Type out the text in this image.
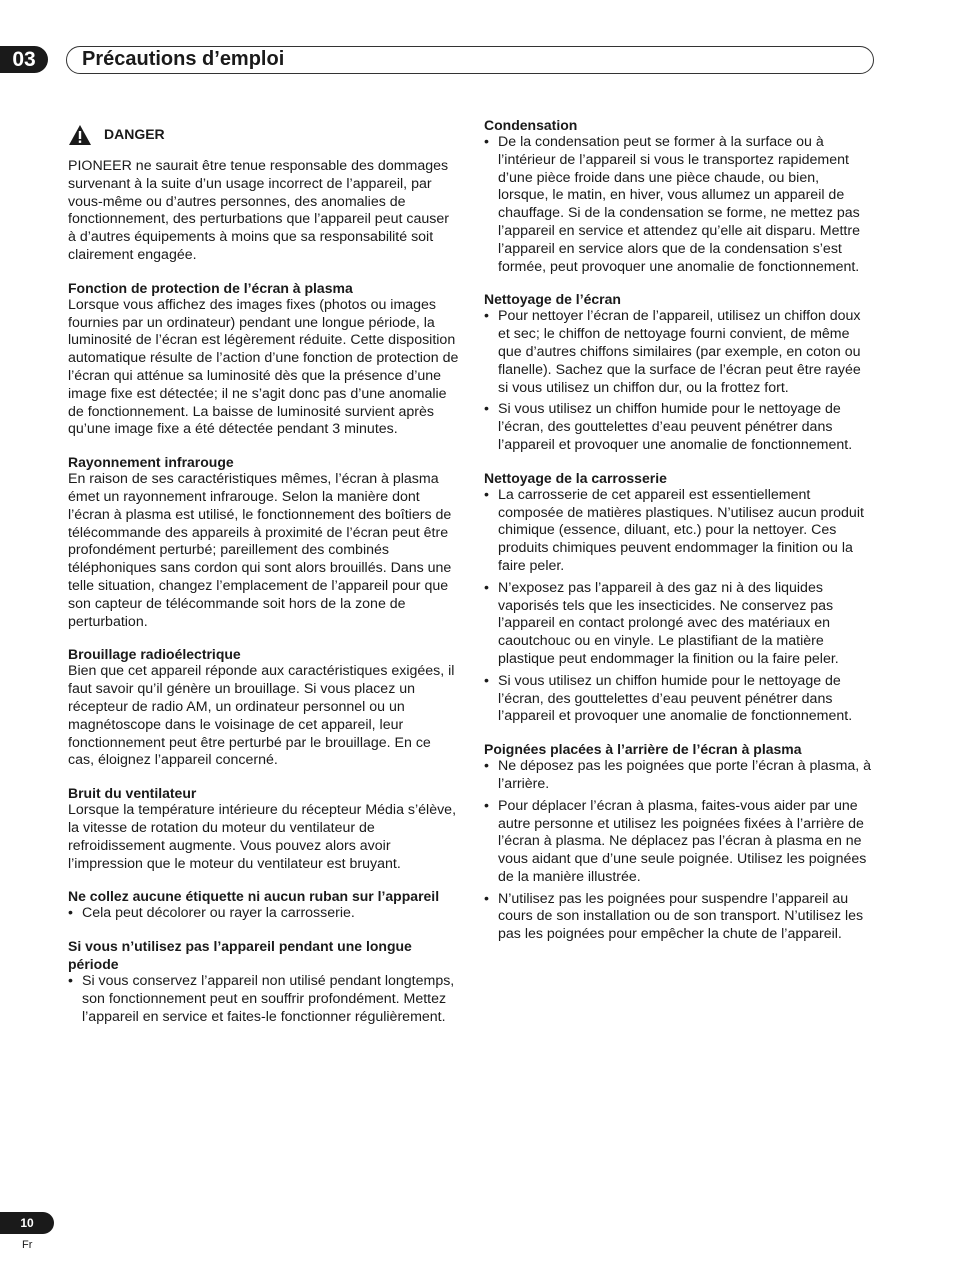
03	Précautions d’emploi
DANGER

PIONEER ne saurait être tenue responsable des dommages survenant à la suite d’un usage incorrect de l’appareil, par vous-même ou d’autres personnes, des anomalies de fonctionnement, des perturbations que l’appareil peut causer à d’autres équipements à moins que sa responsabilité soit clairement engagée.

Fonction de protection de l’écran à plasma

Lorsque vous affichez des images fixes (photos ou images fournies par un ordinateur) pendant une longue période, la luminosité de l’écran est légèrement réduite. Cette disposition automatique résulte de l’action d’une fonction de protection de l’écran qui atténue sa luminosité dès que la présence d’une image fixe est détectée; il ne s’agit donc pas d’une anomalie de fonctionnement. La baisse de luminosité survient après qu’une image fixe a été détectée pendant 3 minutes.

Rayonnement infrarouge

En raison de ses caractéristiques mêmes, l’écran à plasma émet un rayonnement infrarouge. Selon la manière dont l’écran à plasma est utilisé, le fonctionnement des boîtiers de télécommande des appareils à proximité de l’écran peut être profondément perturbé; pareillement des combinés téléphoniques sans cordon qui sont alors brouillés. Dans une telle situation, changez l’emplacement de l’appareil pour que son capteur de télécommande soit hors de la zone de perturbation.

Brouillage radioélectrique

Bien que cet appareil réponde aux caractéristiques exigées, il faut savoir qu’il génère un brouillage. Si vous placez un récepteur de radio AM, un ordinateur personnel ou un magnétoscope dans le voisinage de cet appareil, leur fonctionnement peut être perturbé par le brouillage. En ce cas, éloignez l’appareil concerné.

Bruit du ventilateur

Lorsque la température intérieure du récepteur Média s’élève, la vitesse de rotation du moteur du ventilateur de refroidissement augmente. Vous pouvez alors avoir l’impression que le moteur du ventilateur est bruyant.

Ne collez aucune étiquette ni aucun ruban sur l’appareil

• Cela peut décolorer ou rayer la carrosserie.

Si vous n’utilisez pas l’appareil pendant une longue période

• Si vous conservez l’appareil non utilisé pendant longtemps, son fonctionnement peut en souffrir profondément. Mettez l’appareil en service et faites-le fonctionner régulièrement.

Condensation

• De la condensation peut se former à la surface ou à l’intérieur de l’appareil si vous le transportez rapidement d’une pièce froide dans une pièce chaude, ou bien, lorsque, le matin, en hiver, vous allumez un appareil de chauffage. Si de la condensation se forme, ne mettez pas l’appareil en service et attendez qu’elle ait disparu. Mettre l’appareil en service alors que de la condensation s’est formée, peut provoquer une anomalie de fonctionnement.

Nettoyage de l’écran

• Pour nettoyer l’écran de l’appareil, utilisez un chiffon doux et sec; le chiffon de nettoyage fourni convient, de même que d’autres chiffons similaires (par exemple, en coton ou flanelle). Sachez que la surface de l’écran peut être rayée si vous utilisez un chiffon dur, ou la frottez fort.
• Si vous utilisez un chiffon humide pour le nettoyage de l’écran, des gouttelettes d’eau peuvent pénétrer dans l’appareil et provoquer une anomalie de fonctionnement.

Nettoyage de la carrosserie

• La carrosserie de cet appareil est essentiellement composée de matières plastiques. N’utilisez aucun produit chimique (essence, diluant, etc.) pour la nettoyer. Ces produits chimiques peuvent endommager la finition ou la faire peler.
• N’exposez pas l’appareil à des gaz ni à des liquides vaporisés tels que les insecticides. Ne conservez pas l’appareil en contact prolongé avec des matériaux en caoutchouc ou en vinyle. Le plastifiant de la matière plastique peut endommager la finition ou la faire peler.
• Si vous utilisez un chiffon humide pour le nettoyage de l’écran, des gouttelettes d’eau peuvent pénétrer dans l’appareil et provoquer une anomalie de fonctionnement.

Poignées placées à l’arrière de l’écran à plasma

• Ne déposez pas les poignées que porte l’écran à plasma, à l’arrière.
• Pour déplacer l’écran à plasma, faites-vous aider par une autre personne et utilisez les poignées fixées à l’arrière de l’écran à plasma. Ne déplacez pas l’écran à plasma en ne vous aidant que d’une seule poignée. Utilisez les poignées de la manière illustrée.
• N’utilisez pas les poignées pour suspendre l’appareil au cours de son installation ou de son transport. N’utilisez les pas les poignées pour empêcher la chute de l’appareil.
10
Fr
